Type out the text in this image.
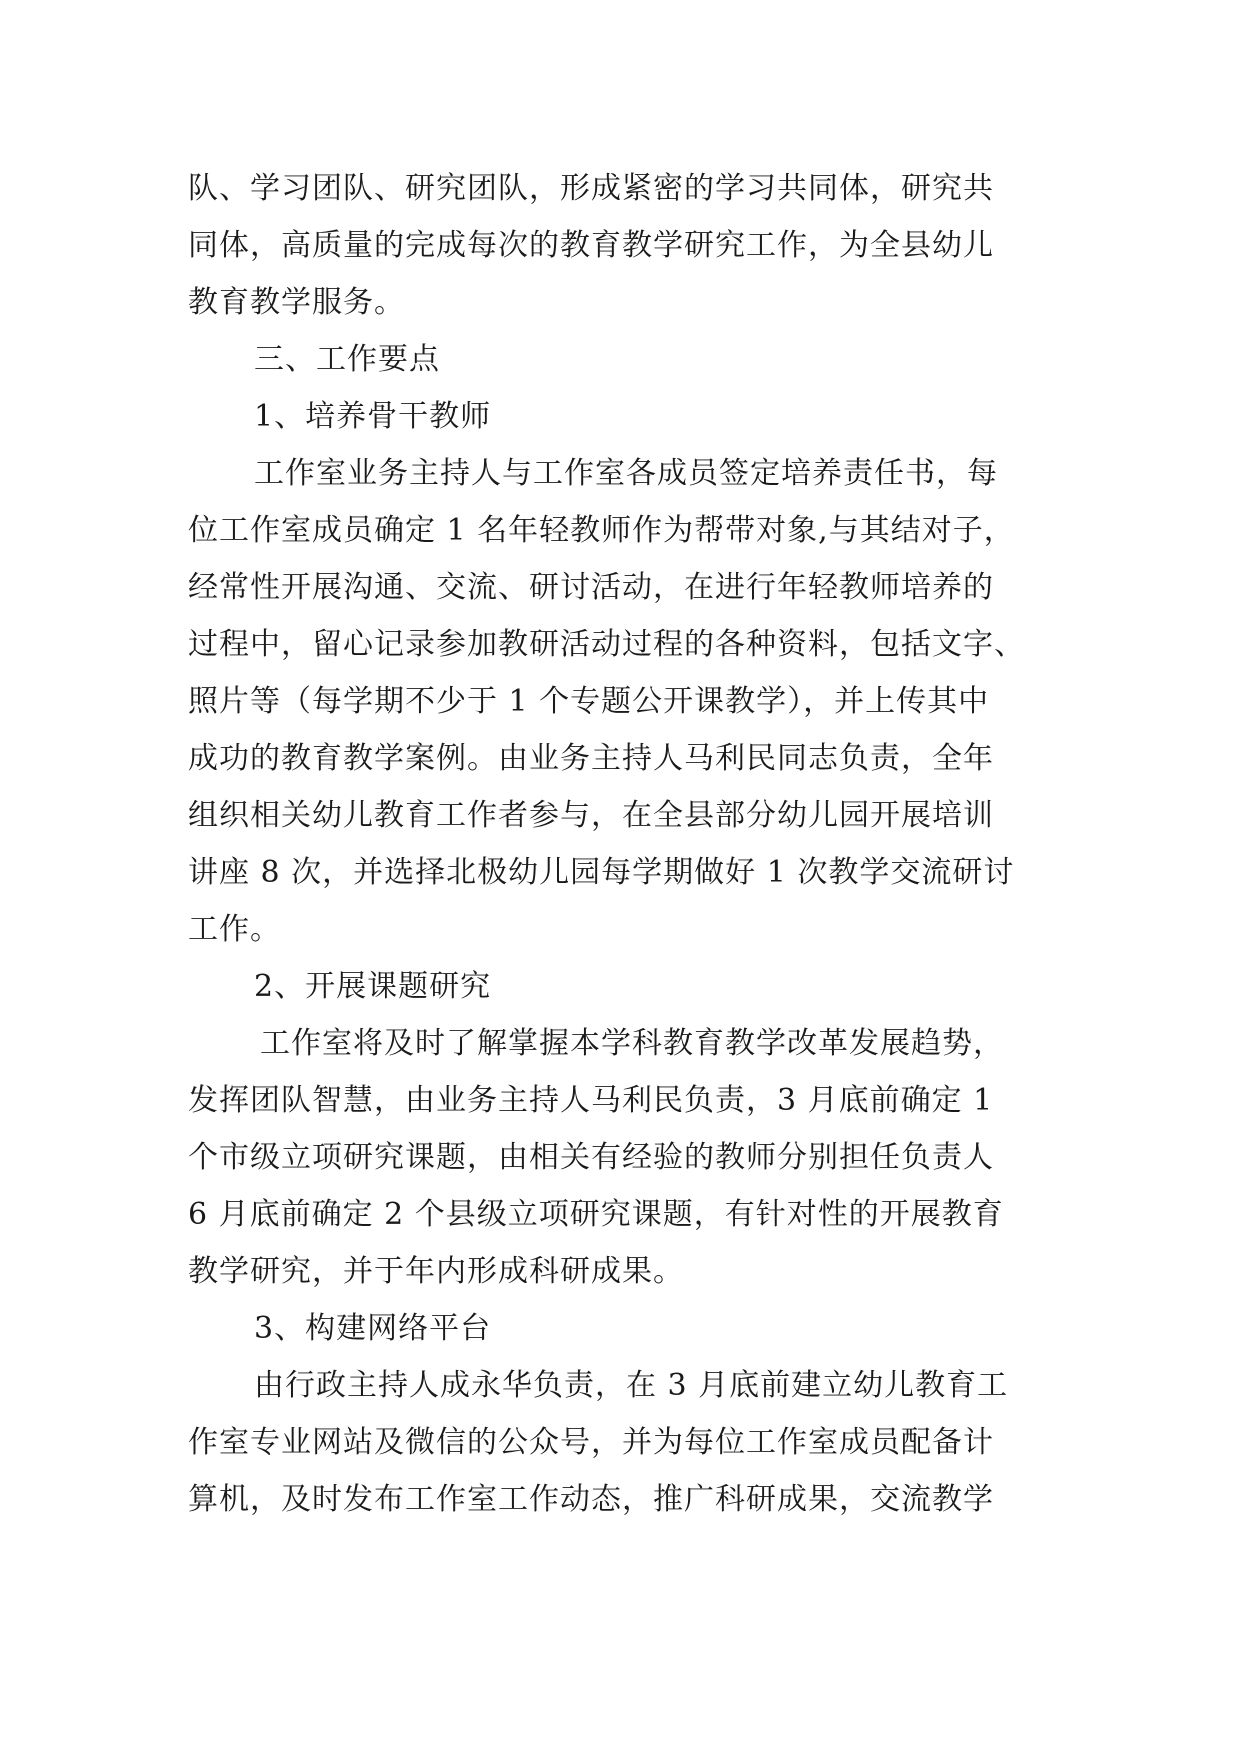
队、学习团队、研究团队，形成紧密的学习共同体，研究共
同体，高质量的完成每次的教育教学研究工作，为全县幼儿
教育教学服务。
三、工作要点
1、培养骨干教师
工作室业务主持人与工作室各成员签定培养责任书，每
位工作室成员确定 1 名年轻教师作为帮带对象,与其结对子，
经常性开展沟通、交流、研讨活动，在进行年轻教师培养的
过程中，留心记录参加教研活动过程的各种资料，包括文字、
照片等（每学期不少于 1 个专题公开课教学），并上传其中
成功的教育教学案例。由业务主持人马利民同志负责，全年
组织相关幼儿教育工作者参与，在全县部分幼儿园开展培训
讲座 8 次，并选择北极幼儿园每学期做好 1 次教学交流研讨
工作。
2、开展课题研究
工作室将及时了解掌握本学科教育教学改革发展趋势，
发挥团队智慧，由业务主持人马利民负责，3 月底前确定 1
个市级立项研究课题，由相关有经验的教师分别担任负责人
6 月底前确定 2 个县级立项研究课题，有针对性的开展教育
教学研究，并于年内形成科研成果。
3、构建网络平台
由行政主持人成永华负责，在 3 月底前建立幼儿教育工
作室专业网站及微信的公众号，并为每位工作室成员配备计
算机，及时发布工作室工作动态，推广科研成果，交流教学
